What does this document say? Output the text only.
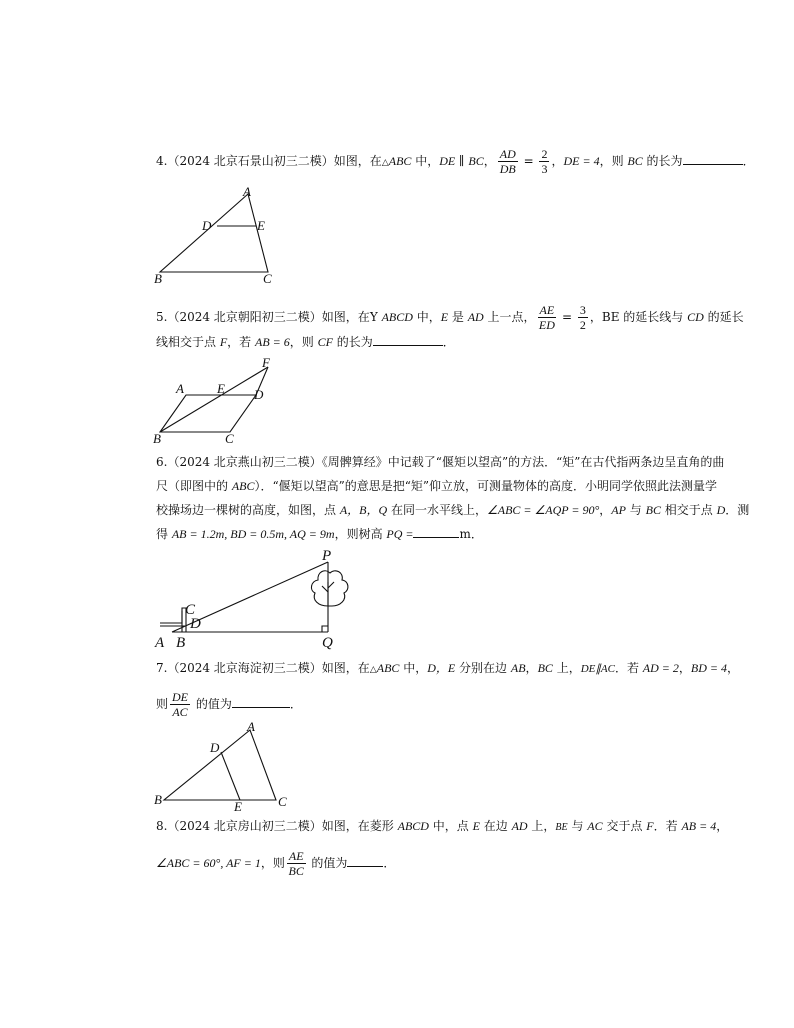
4.（2024 北京石景山初三二模）如图，在△ABC 中，DE ∥ BC， $\frac{AD}{DB} = \frac{2}{3}$ ，DE = 4，则 BC 的长为	．
A
D	E
B	C
5.（2024 北京朝阳初三二模）如图，在Y ABCD 中，E 是 AD 上一点， $\frac{AE}{ED} = \frac{3}{2}$ ，BE 的延长线与 CD 的延长
线相交于点 F，若 AB = 6，则 CF 的长为	．
F
A	E D
B	C
6.（2024 北京燕山初三二模）《周髀算经》中记载了“偃矩以望高”的方法．“矩”在古代指两条边呈直角的曲
尺（即图中的 ABC）．“偃矩以望高”的意思是把“矩”仰立放，可测量物体的高度．小明同学依照此法测量学
校操场边一棵树的高度，如图，点 A，B，Q 在同一水平线上，∠ABC = ∠AQP = 90°，AP 与 BC 相交于点 D．测
得 AB = 1.2m, BD = 0.5m, AQ = 9m，则树高 PQ =	m．
P
C
D
A B	Q
7.（2024 北京海淀初三二模）如图，在△ABC 中，D，E 分别在边 AB，BC 上，DE∥AC．若 AD = 2，BD = 4，
则 $\frac{DE}{AC}$ 的值为	．
A
D
B	E	C
8.（2024 北京房山初三二模）如图，在菱形 ABCD 中，点 E 在边 AD 上，BE 与 AC 交于点 F．若 AB = 4，
∠ABC = 60°, AF = 1，则 $\frac{AE}{BC}$ 的值为	．
